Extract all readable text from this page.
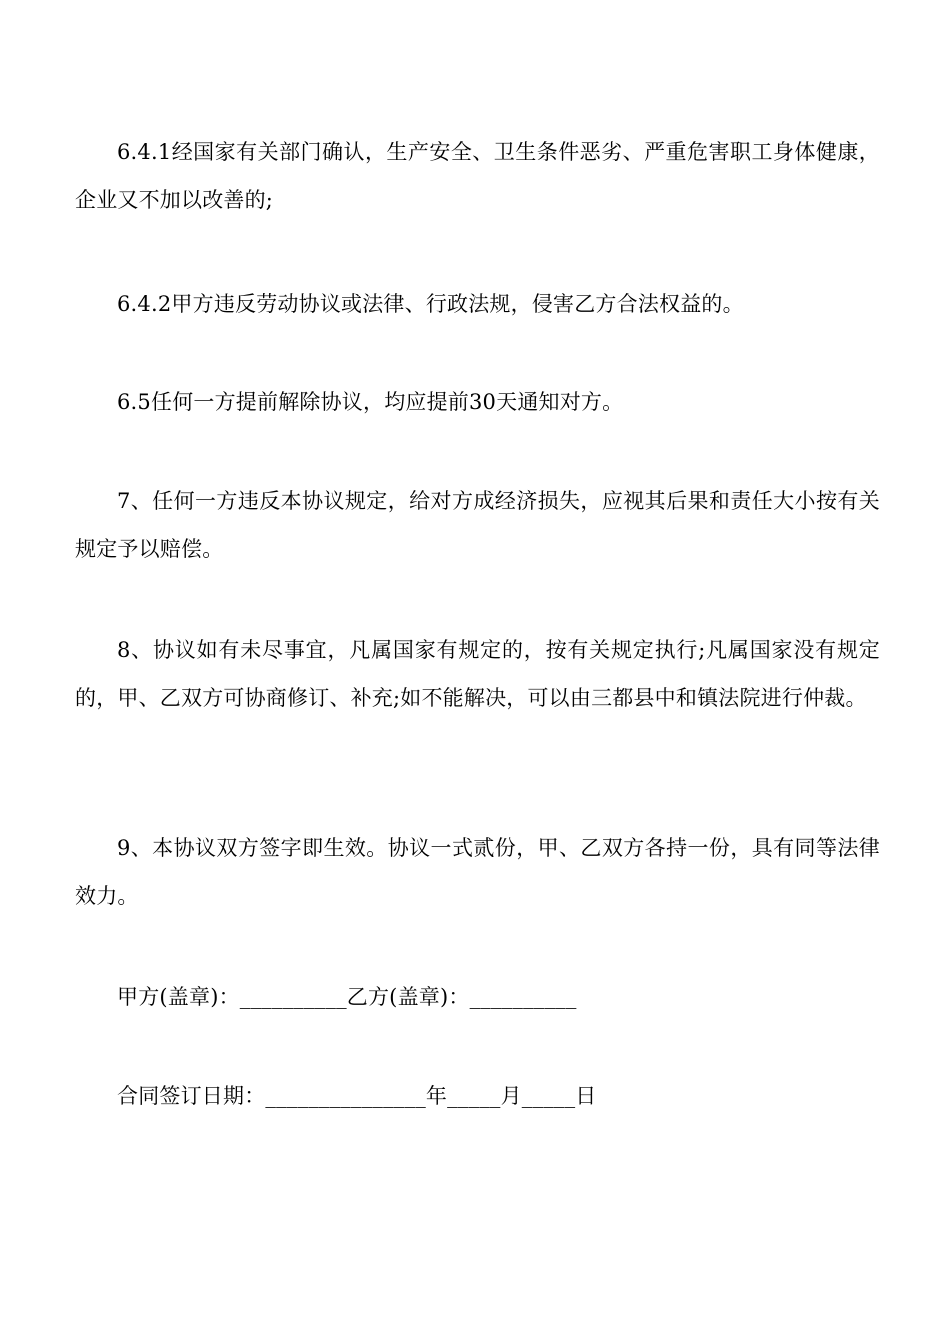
6.4.1经国家有关部门确认，生产安全、卫生条件恶劣、严重危害职工身体健康，企业又不加以改善的;

6.4.2甲方违反劳动协议或法律、行政法规，侵害乙方合法权益的。

6.5任何一方提前解除协议，均应提前30天通知对方。

7、任何一方违反本协议规定，给对方成经济损失，应视其后果和责任大小按有关规定予以赔偿。

8、协议如有未尽事宜，凡属国家有规定的，按有关规定执行;凡属国家没有规定的，甲、乙双方可协商修订、补充;如不能解决，可以由三都县中和镇法院进行仲裁。

9、本协议双方签字即生效。协议一式贰份，甲、乙双方各持一份，具有同等法律效力。

甲方(盖章)：__________乙方(盖章)：__________

合同签订日期：_______________年_____月_____日
